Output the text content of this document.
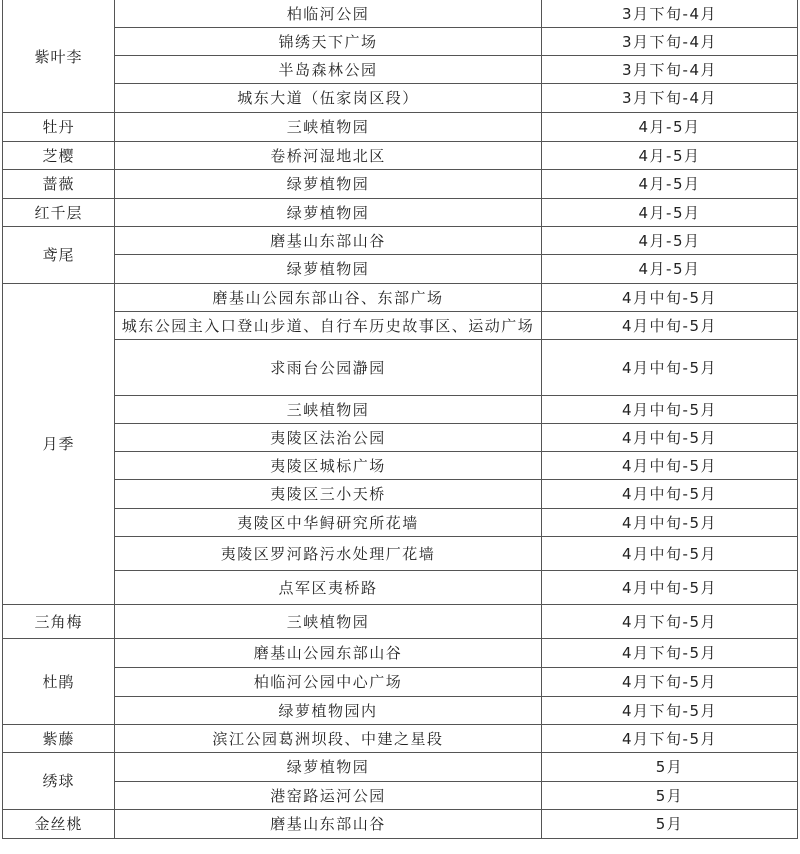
紫叶李	柏临河公园	3月下旬-4月
	锦绣天下广场	3月下旬-4月
	半岛森林公园	3月下旬-4月
	城东大道（伍家岗区段）	3月下旬-4月
牡丹	三峡植物园	4月-5月
芝樱	卷桥河湿地北区	4月-5月
蔷薇	绿萝植物园	4月-5月
红千层	绿萝植物园	4月-5月
鸢尾	磨基山东部山谷	4月-5月
	绿萝植物园	4月-5月
月季	磨基山公园东部山谷、东部广场	4月中旬-5月
	城东公园主入口登山步道、自行车历史故事区、运动广场	4月中旬-5月
	求雨台公园瀞园	4月中旬-5月
	三峡植物园	4月中旬-5月
	夷陵区法治公园	4月中旬-5月
	夷陵区城标广场	4月中旬-5月
	夷陵区三小天桥	4月中旬-5月
	夷陵区中华鲟研究所花墙	4月中旬-5月
	夷陵区罗河路污水处理厂花墙	4月中旬-5月
	点军区夷桥路	4月中旬-5月
三角梅	三峡植物园	4月下旬-5月
杜鹃	磨基山公园东部山谷	4月下旬-5月
	柏临河公园中心广场	4月下旬-5月
	绿萝植物园内	4月下旬-5月
紫藤	滨江公园葛洲坝段、中建之星段	4月下旬-5月
绣球	绿萝植物园	5月
	港窑路运河公园	5月
金丝桃	磨基山东部山谷	5月
